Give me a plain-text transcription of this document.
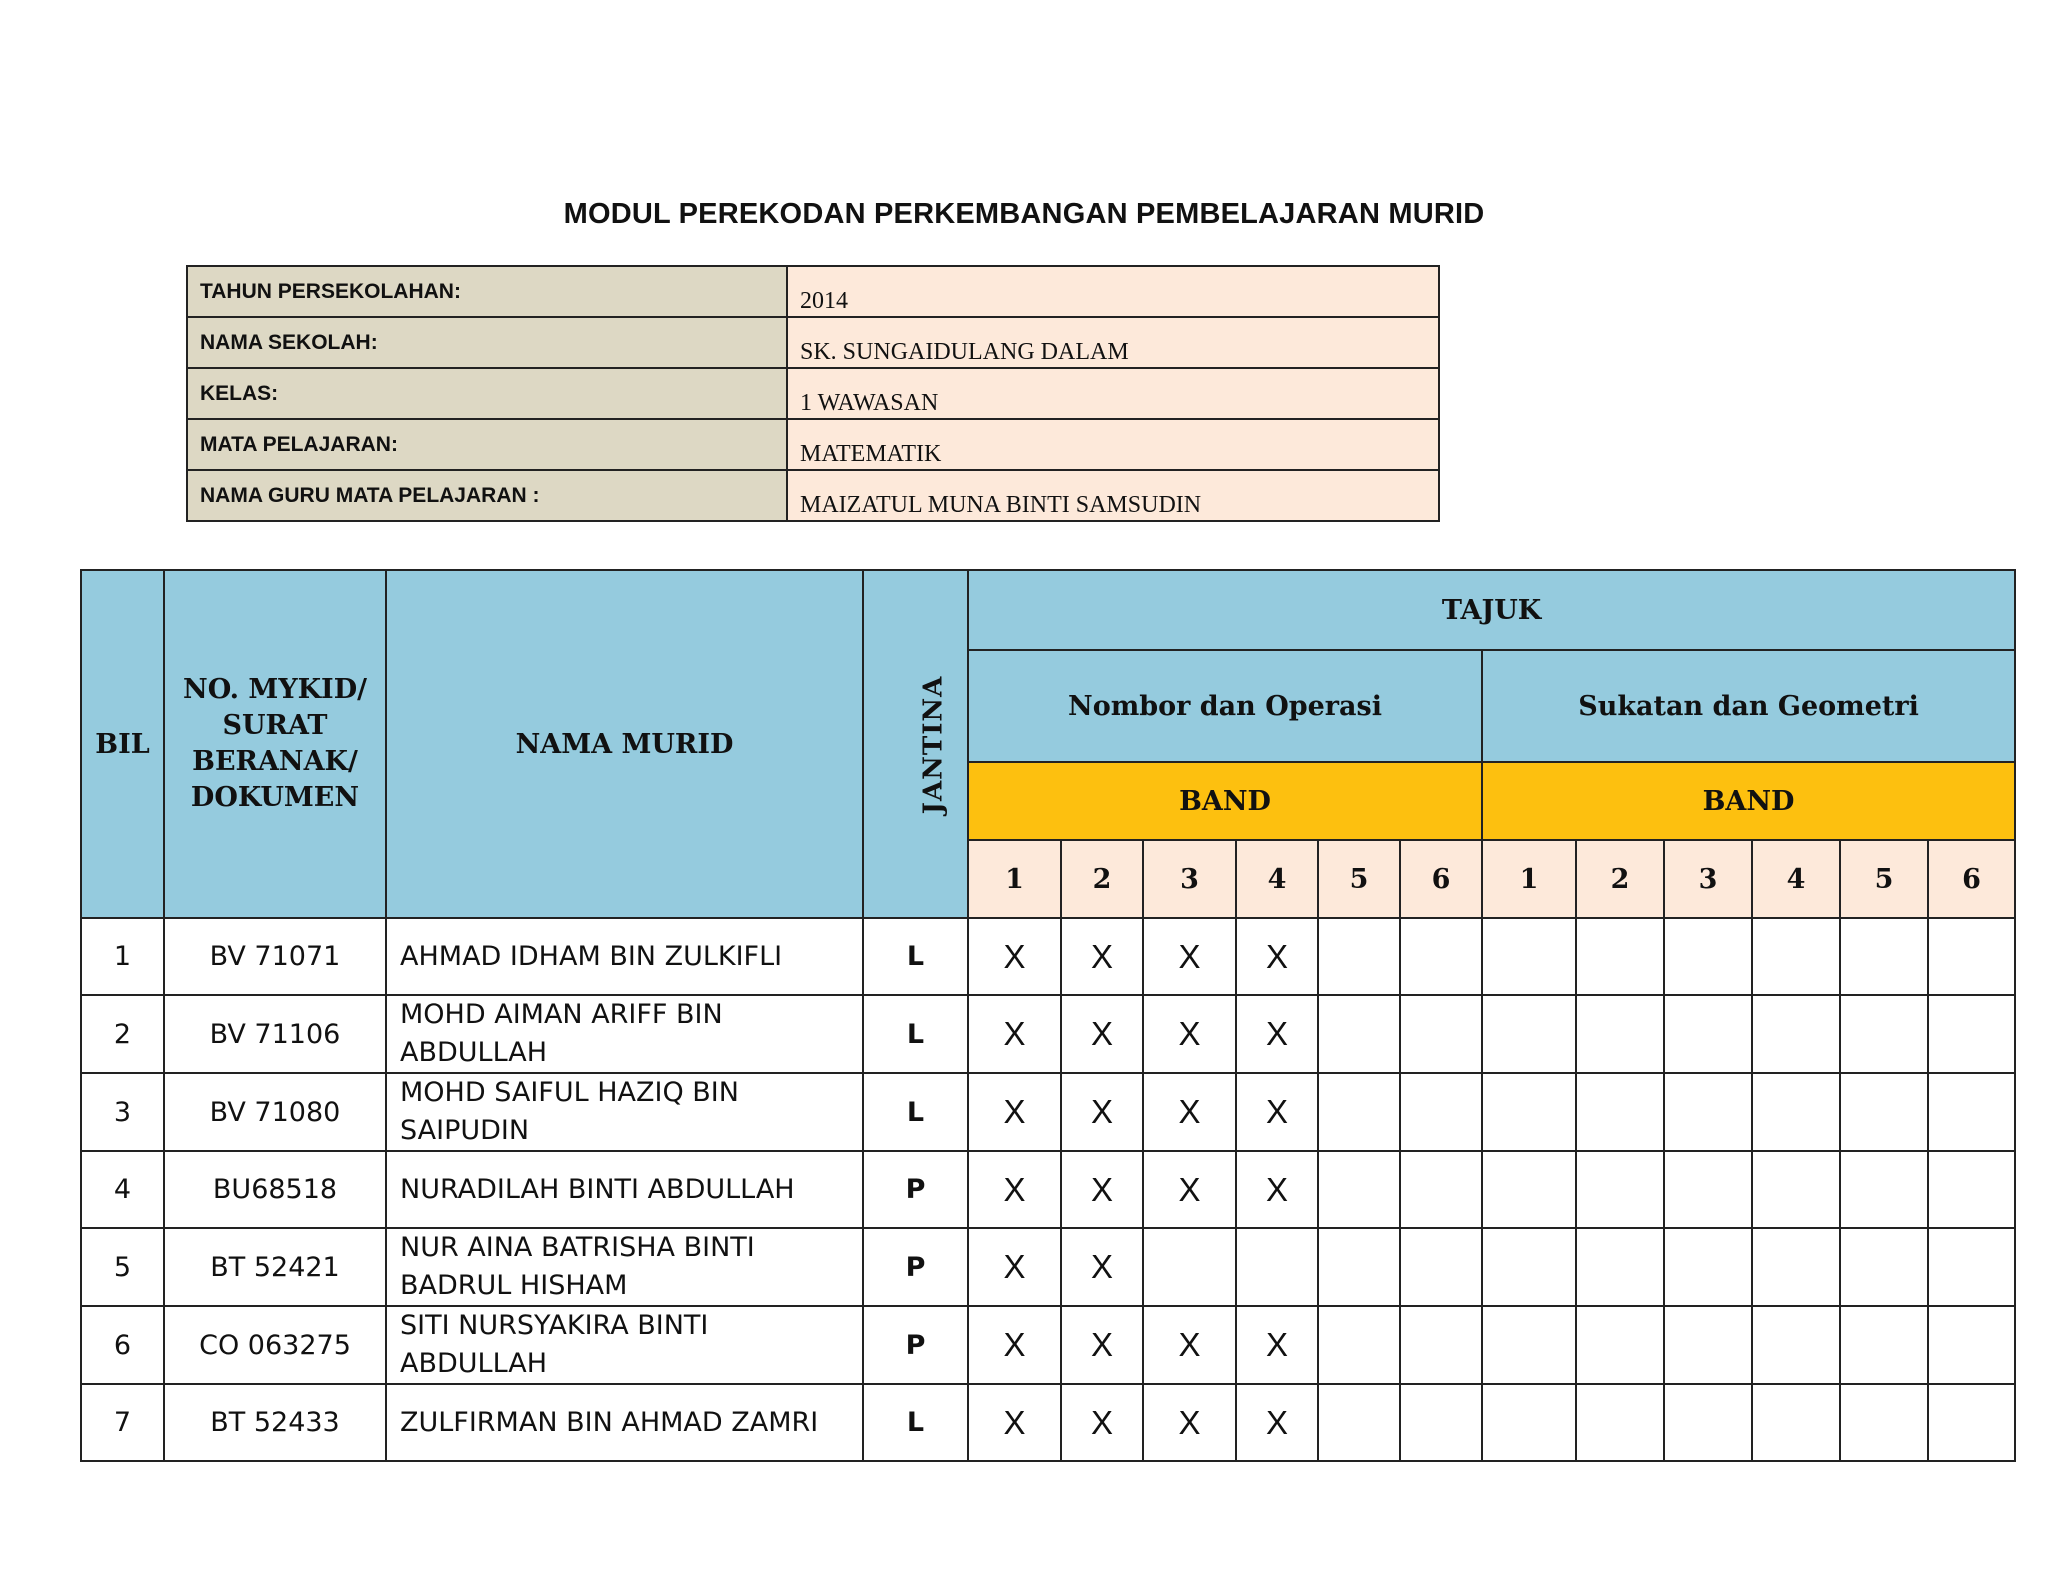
MODUL PEREKODAN PERKEMBANGAN PEMBELAJARAN MURID
TAHUN PERSEKOLAHAN:	2014
NAMA SEKOLAH:	SK. SUNGAIDULANG DALAM
KELAS:	1 WAWASAN
MATA PELAJARAN:	MATEMATIK
NAMA GURU MATA PELAJARAN :	MAIZATUL MUNA BINTI SAMSUDIN
BIL	NO. MYKID/
SURAT
BERANAK/
DOKUMEN	NAMA MURID	JANTINA	TAJUK											
				Nombor dan Operasi						Sukatan dan Geometri					
				BAND						BAND					
				1	2	3	4	5	6	1	2	3	4	5	6
1	BV 71071	AHMAD IDHAM BIN ZULKIFLI	L	X	X	X	X								
2	BV 71106	MOHD AIMAN ARIFF BIN ABDULLAH	L	X	X	X	X								
3	BV 71080	MOHD SAIFUL HAZIQ BIN SAIPUDIN	L	X	X	X	X								
4	BU68518	NURADILAH BINTI ABDULLAH	P	X	X	X	X								
5	BT 52421	NUR AINA BATRISHA BINTI BADRUL HISHAM	P	X	X										
6	CO 063275	SITI NURSYAKIRA BINTI ABDULLAH	P	X	X	X	X								
7	BT 52433	ZULFIRMAN BIN AHMAD ZAMRI	L	X	X	X	X								
